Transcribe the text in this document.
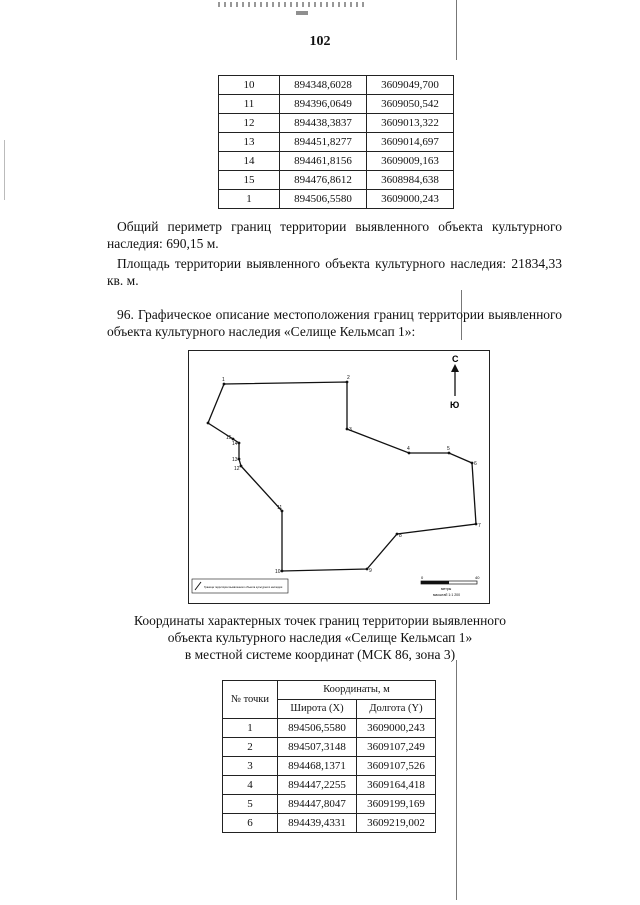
102
10	894348,6028	3609049,700
11	894396,0649	3609050,542
12	894438,3837	3609013,322
13	894451,8277	3609014,697
14	894461,8156	3609009,163
15	894476,8612	3608984,638
1	894506,5580	3609000,243
Общий периметр границ территории выявленного объекта культурного наследия: 690,15 м.
Площадь территории выявленного объекта культурного наследия: 21834,33 кв. м.
96. Графическое описание местоположения границ территории выявленного объекта культурного наследия «Селище Кельмсап 1»:
1	2
3
4	5
6
7
8
9
10
11
12
13
14
15
С
Ю
0	40
метры
масштаб 1:1 200
Граница территории выявленного объекта культурного наследия
Координаты характерных точек границ территории выявленного
объекта культурного наследия «Селище Кельмсап 1»
в местной системе координат (МСК 86, зона 3)
№ точки	Координаты, м	
	Широта (X)	Долгота (Y)
1	894506,5580	3609000,243
2	894507,3148	3609107,249
3	894468,1371	3609107,526
4	894447,2255	3609164,418
5	894447,8047	3609199,169
6	894439,4331	3609219,002
